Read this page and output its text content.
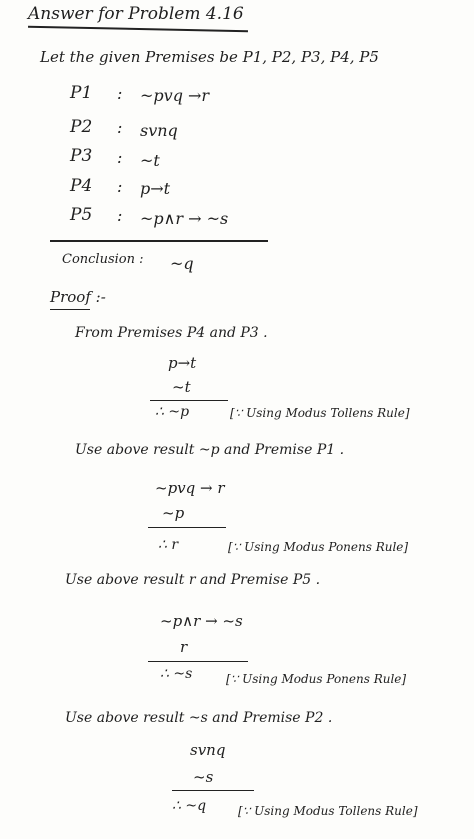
Answer for Problem 4.16
Let the given Premises be P1, P2, P3, P4, P5
P1 : ~pvq →r
P2 : svnq
P3 : ~t
P4 : p→t
P5 : ~p∧r → ~s
Conclusion : ~q
Proof :-
From Premises P4 and P3 .
p→t
~t
∴ ~p	[∵ Using Modus Tollens Rule]
Use above result ~p and Premise P1 .
~pvq → r
~p
∴ r	[∵ Using Modus Ponens Rule]
Use above result r and Premise P5 .
~p∧r → ~s
r
∴ ~s	[∵ Using Modus Ponens Rule]
Use above result ~s and Premise P2 .
svnq
~s
∴ ~q	[∵ Using Modus Tollens Rule]
